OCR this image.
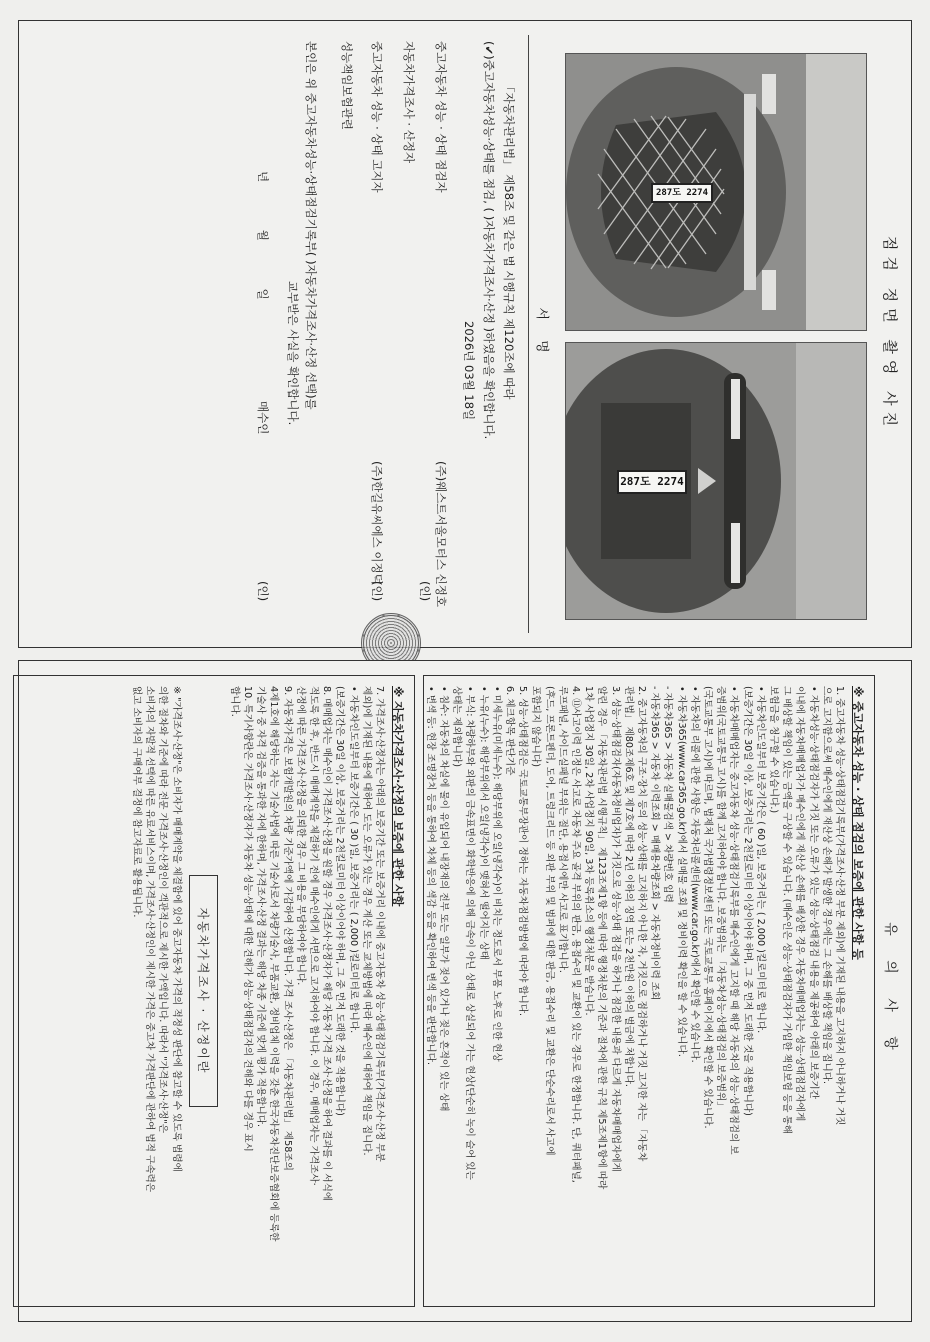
점검 정면 촬영 사진
287도 2274
287도 2274
서 명
「자동차관리법」 제58조 및 같은 법 시행규칙 제120조에 따라
(✔)중고자동차성능·상태를 점검, ( )자동차가격조사·산정 )하였음을 확인합니다.
2026년 03월 18일
중고자동차 성능 · 상태 점검자
(주)웨스트서울모터스 신정호
(인)
자동차가격조사 · 산정자
중고자동차 성능 · 상태 고지자
(주)한길유씨에스 이정덕
(인)
성능책임보험관련
본인은 위 중고자동차성능·상태점검기록부( )자동차가격조사·산정 선택)를
교부받은 사실을 확인합니다.
년 월 일
매수인
(인)
유 의 사 항

※ 중고자동차 성능 · 상태 점검의 보증에 관한 사항 등

1. 중고자동차 성능·상태점검기록부(가격조사·산정 부분 제외)에 기재된 내용을 고지하지 아니하거나 거짓

으로 고지함으로써 매수인에게 재산상 손해가 발생한 경우에는 그 손해를 배상할 책임을 집니다.

• 자동차성능·상태점검자가 거짓 또는 오류가 있는 성능·상태점검 내용을 제공하여 아래의 보증기간

이내에 자동차매매업자가 매수인에게 재산상 손해를 배상한 경우 자동차매매업자는 성능·상태점검자에게

그 배상할 책임이 있는 금액을 구상할 수 있습니다. (매수인은 성능·상태점검자가 가입한 책임보험 등을 통해

보험금을 청구할 수 있습니다.)

• 자동차인도일부터 보증기간은 ( 60 )일, 보증거리는 ( 2,000 )킬로미터로 합니다.

(보증기간은 30일 이상, 보증거리는 2천킬로미터 이상이어야 하며, 그 중 먼저 도래한 것을 적용합니다)

• 자동차매매업자는 중고자동차 성능·상태점검기록부를 매수인에게 고지할 때 해당 자동차의 성능·상태점검의 보

증범위(국토교통부 고시)를 함께 고지하여야 합니다. 보증범위는 「자동차성능·상태점검의 보증범위」

(국토교통부 고시)에 따르며, 법제처 국가법령정보센터 또는 국토교통부 홈페이지에서 확인할 수 있습니다.

• 자동차의 리콜에 관한 사항은 자동차리콜센터(www.car.go.kr)에서 확인할 수 있습니다.

• 자동차365(www.car365.go.kr)에서 실매물 조회 및 정비이력 확인을 할 수 있습니다.

- 자동차365 > 자동차 실매물검색 > 차량번호 입력

- 자동차365 > 자동차 이력조회 > 매매용차량조회 > 자동차정비이력 조회

2. 중고자동차의 구조·장치 등의 성능·상태를 고지하지 아니한 자, 거짓으로 점검하거나 거짓 고지한 자는 「자동차

관리법」 제80조제6호 및 제7호에 따라 2년 이하의 징역 또는 2천만원 이하의 벌금에 처합니다.

3. 성능·상태점검자(자동차정비업자)가 거짓으로 성능·상태 점검을 하거나 점검한 내용과 다르게 자동차매매업자에게

알린 경우 「자동차관리법 시행규칙」 제123조제1항 등에 따라 행정처분의 기준과 절차에 관한 규칙 제5조제1항에 따라

1차 사업정지 30일, 2차 사업정지 90일, 3차 등록취소의 행정처분을 받습니다.

4. ⑪사고이력 인정은 사고로 자동차 주요 골격 부위의 판금, 용접수리 및 교환이 있는 경우로 한정합니다. 단, 쿼터패널,

루프패널, 사이드실패널 부위는 절단, 용접시에만 사고로 표기합니다.

(후드, 프론트펜더, 도어, 트렁크리드 등 외판 부위 및 범퍼에 대한 판금, 용접수리 및 교환은 단순수리로서 사고에

포함되지 않습니다)

5. 성능·상태점검은 국토교통부장관이 정하는 자동차점검방법에 따라야 합니다.

6. 체크항목 판단기준

• 미세누유(미세누수): 해당부위에 오일(냉각수)이 비치는 정도로서 부품 노후로 인한 현상

• 누유(누수): 해당부위에서 오일(냉각수)이 맺혀서 떨어지는 상태

• 부식: 차량하부와 외판의 금속표면이 화학반응에 의해 금속이 아닌 상태로 상실되어 가는 현상(단순히 녹이 슬어 있는

상태는 제외합니다)

• 침수: 자동차의 차실에 물이 유입되어 내장재의 전부 또는 일부가 젖어 있거나 젖은 흔적이 있는 상태

• 변색 등: 현장 조명장치 등을 통하여 차체 등의 색감 등을 확인하여 변색 등을 판단합니다.

※ 자동차가격조사·산정의 보증에 관한 사항

7. 가격조사·산정자는 아래의 보증기간 또는 보증거리 이내에 중고자동차 성능·상태점검기록부(가격조사·산정 부분

제외)에 기재된 내용에 대하여 도는 오류가 있는 경우 계산 또는 교체방법에 따라 매수인에 대하여 책임을 집니다.

• 자동차인도일부터 보증기간은 ( 30 )일, 보증거리는 ( 2,000 )킬로미터로 합니다.

(보증기간은 30일 이상, 보증거리는 2천킬로미터 이상이어야 하며, 그 중 먼저 도래한 것을 적용합니다)

8. 매매업자는 매수인이 가격조사·산정을 원할 경우 가격조사·산정자가 해당 자동차 가격 조사·산정을 하여 결과를 이 서식에

적도록 한 후, 반드시 매매계약을 체결하기 전에 매수인에게 서면으로 고지하여야 합니다. 이 경우, 매매업자는 가격조사·

산정에 따른 가격조사·산정을 의뢰한 경우 그 비용을 부담하여야 합니다.

9. 자동차가격은 보험개발원의 차량 기준가액에 가감하여 산정합니다. 가격 조사·산정은 「자동차관리법」 제58조의

4제1호에 해당하는 자는 기술사법에 따른 기술사로서 차량기술사, 부품교환, 정비업체 이력을 갖춘 한국자동차진단보증협회에 등록한

기술사 중 자격 검증을 통과한 자에 한하며, 가격조사·산정 결과는 해당 차종 기준에 맞게 평가 적용합니다.

10. 특기사항란은 가격조사·산정자가 자동차 성능·상태에 대한 견해가 성능·상태점검자의 견해와 다를 경우 표시

합니다.

자동차가격조사 · 산정이란

※ "가격조사·산정"은 소비자가 매매계약을 체결함에 있어 중고자동차 가격의 적정성 판단에 참고할 수 있도록 법령에

의한 절차와 기준에 따라 전문 가격조사·산정인이 객관적으로 제시한 가액입니다. 따라서 "가격조사·산정"은

소비자의 자발적 선택에 따른 유료서비스이며, 가격조사·산정인이 제시한 가격은 중고차 가격판단에 관하여 법적 구속력은

없고 소비자의 구매여부 결정에 참고자료로 활용됩니다.
